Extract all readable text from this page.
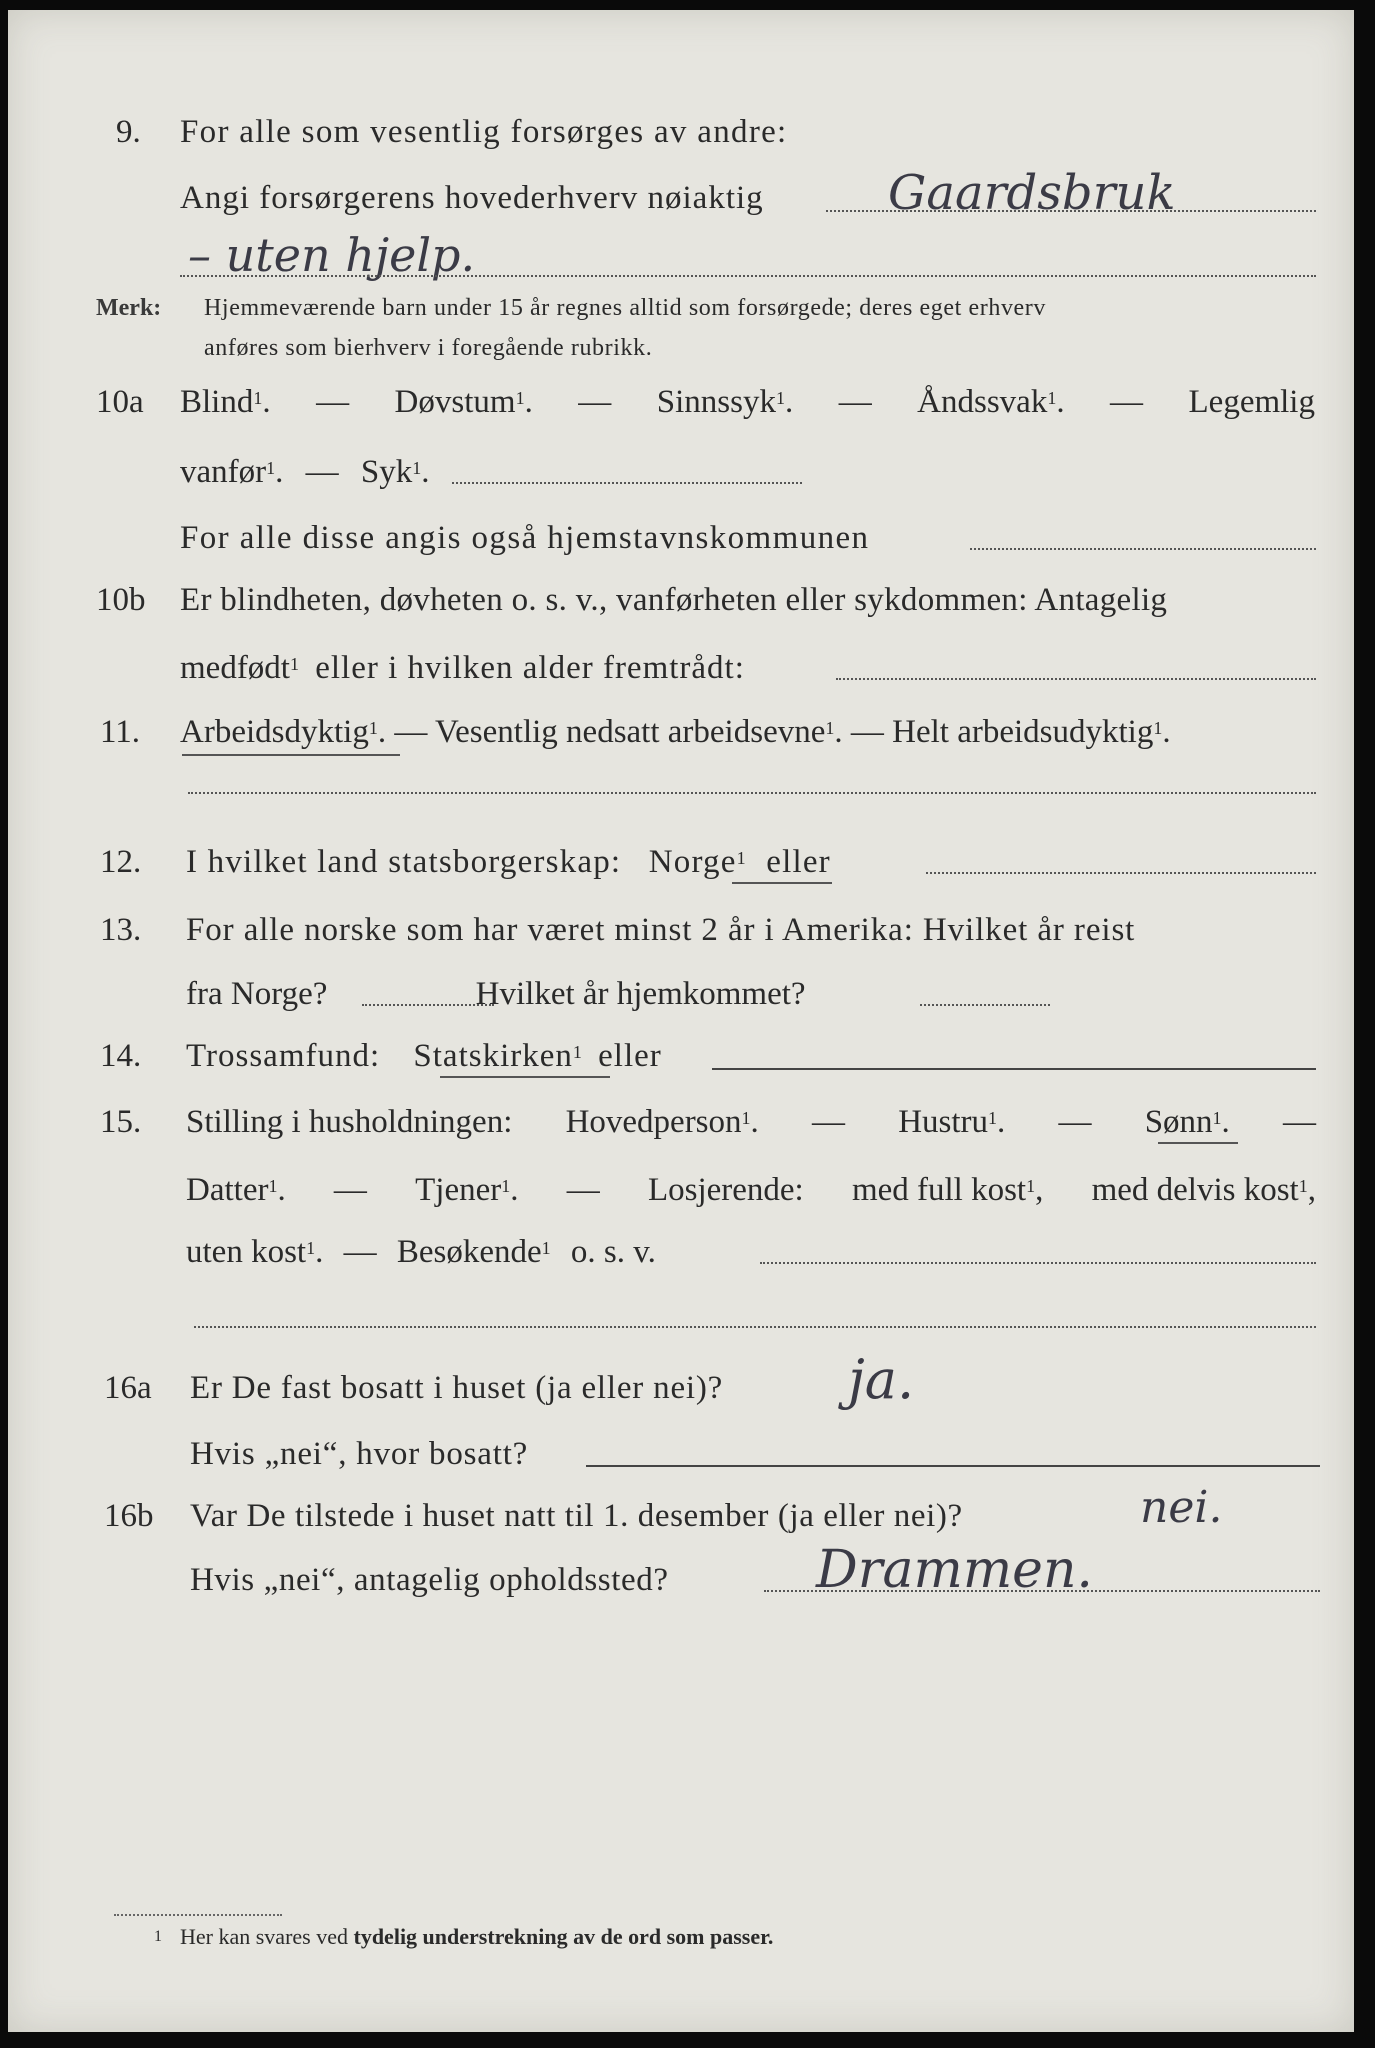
9. For alle som vesentlig forsørges av andre:
Angi forsørgerens hovederhverv nøiaktig	Gaardsbruk
– uten hjelp.
Merk: Hjemmeværende barn under 15 år regnes alltid som forsørgede; deres eget erhverv
anføres som bierhverv i foregående rubrikk.
10a Blind$^1$. — Døvstum$^1$. — Sinnssyk$^1$. — Åndssvak$^1$. — Legemlig
vanfør$^1$. — Syk$^1$.
For alle disse angis også hjemstavnskommunen
10b Er blindheten, døvheten o. s. v., vanførheten eller sykdommen: Antagelig
medfødt$^1$ eller i hvilken alder fremtrådt:
11. Arbeidsdyktig$^1$. — Vesentlig nedsatt arbeidsevne$^1$. — Helt arbeidsudyktig$^1$.
12. I hvilket land statsborgerskap: Norge$^1$ eller
13. For alle norske som har været minst 2 år i Amerika: Hvilket år reist
fra Norge?	Hvilket år hjemkommet?
14. Trossamfund: Statskirken$^1$ eller
15. Stilling i husholdningen: Hovedperson$^1$. — Hustru$^1$. — Sønn$^1$. —
Datter$^1$. — Tjener$^1$. — Losjerende: med full kost$^1$, med delvis kost$^1$,
uten kost$^1$. — Besøkende$^1$ o. s. v.
16a Er De fast bosatt i huset (ja eller nei)? ja.
Hvis „nei“, hvor bosatt?
16b Var De tilstede i huset natt til 1. desember (ja eller nei)?	nei.
Hvis „nei“, antagelig opholdssted?	Drammen.
1 Her kan svares ved tydelig understrekning av de ord som passer.
